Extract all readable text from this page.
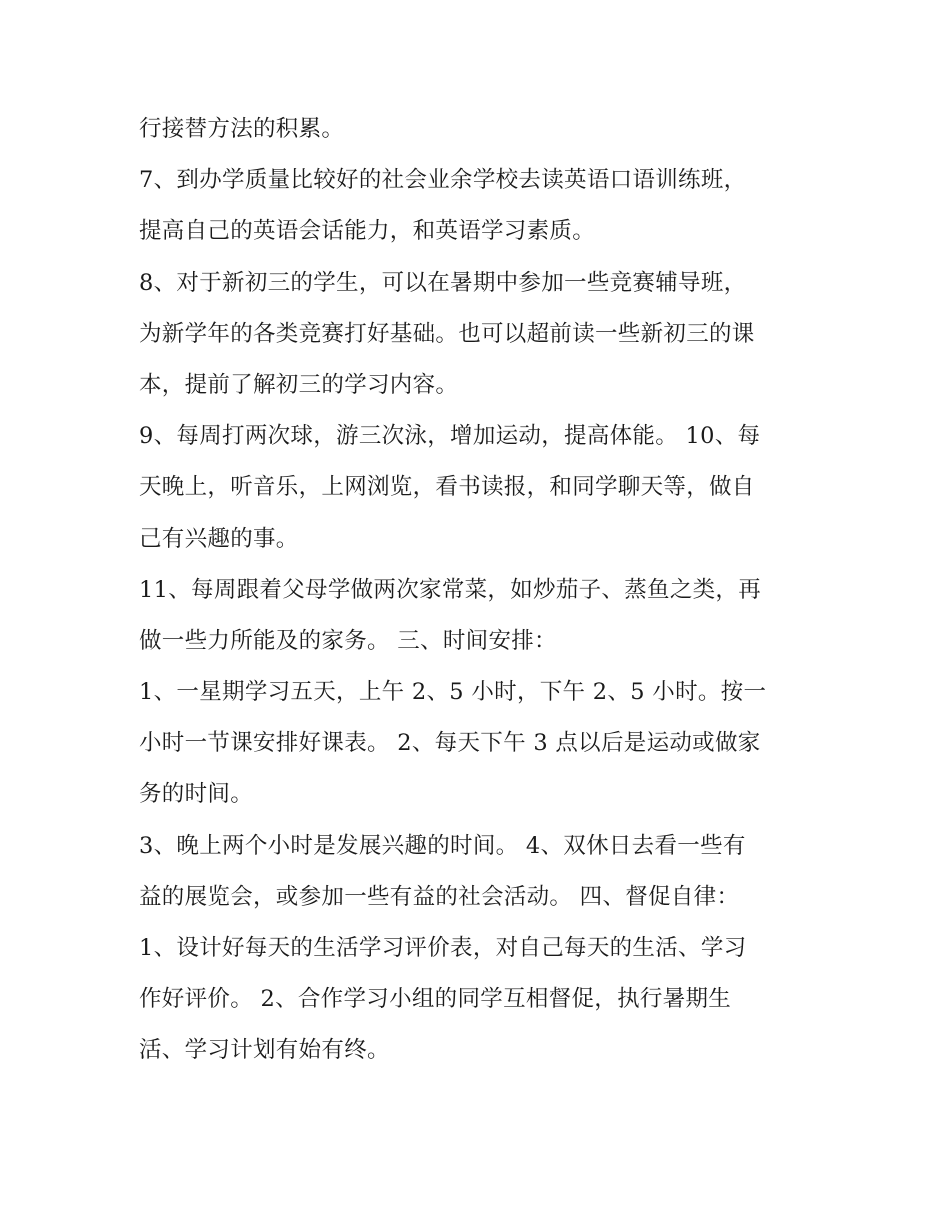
行接替方法的积累。
7、到办学质量比较好的社会业余学校去读英语口语训练班，
提高自己的英语会话能力，和英语学习素质。
8、对于新初三的学生，可以在暑期中参加一些竞赛辅导班，
为新学年的各类竞赛打好基础。也可以超前读一些新初三的课
本，提前了解初三的学习内容。
9、每周打两次球，游三次泳，增加运动，提高体能。 10、每
天晚上，听音乐，上网浏览，看书读报，和同学聊天等，做自
己有兴趣的事。
11、每周跟着父母学做两次家常菜，如炒茄子、蒸鱼之类，再
做一些力所能及的家务。 三、时间安排：
1、一星期学习五天，上午 2、5 小时，下午 2、5 小时。按一
小时一节课安排好课表。 2、每天下午 3 点以后是运动或做家
务的时间。
3、晚上两个小时是发展兴趣的时间。 4、双休日去看一些有
益的展览会，或参加一些有益的社会活动。 四、督促自律：
1、设计好每天的生活学习评价表，对自己每天的生活、学习
作好评价。 2、合作学习小组的同学互相督促，执行暑期生
活、学习计划有始有终。
